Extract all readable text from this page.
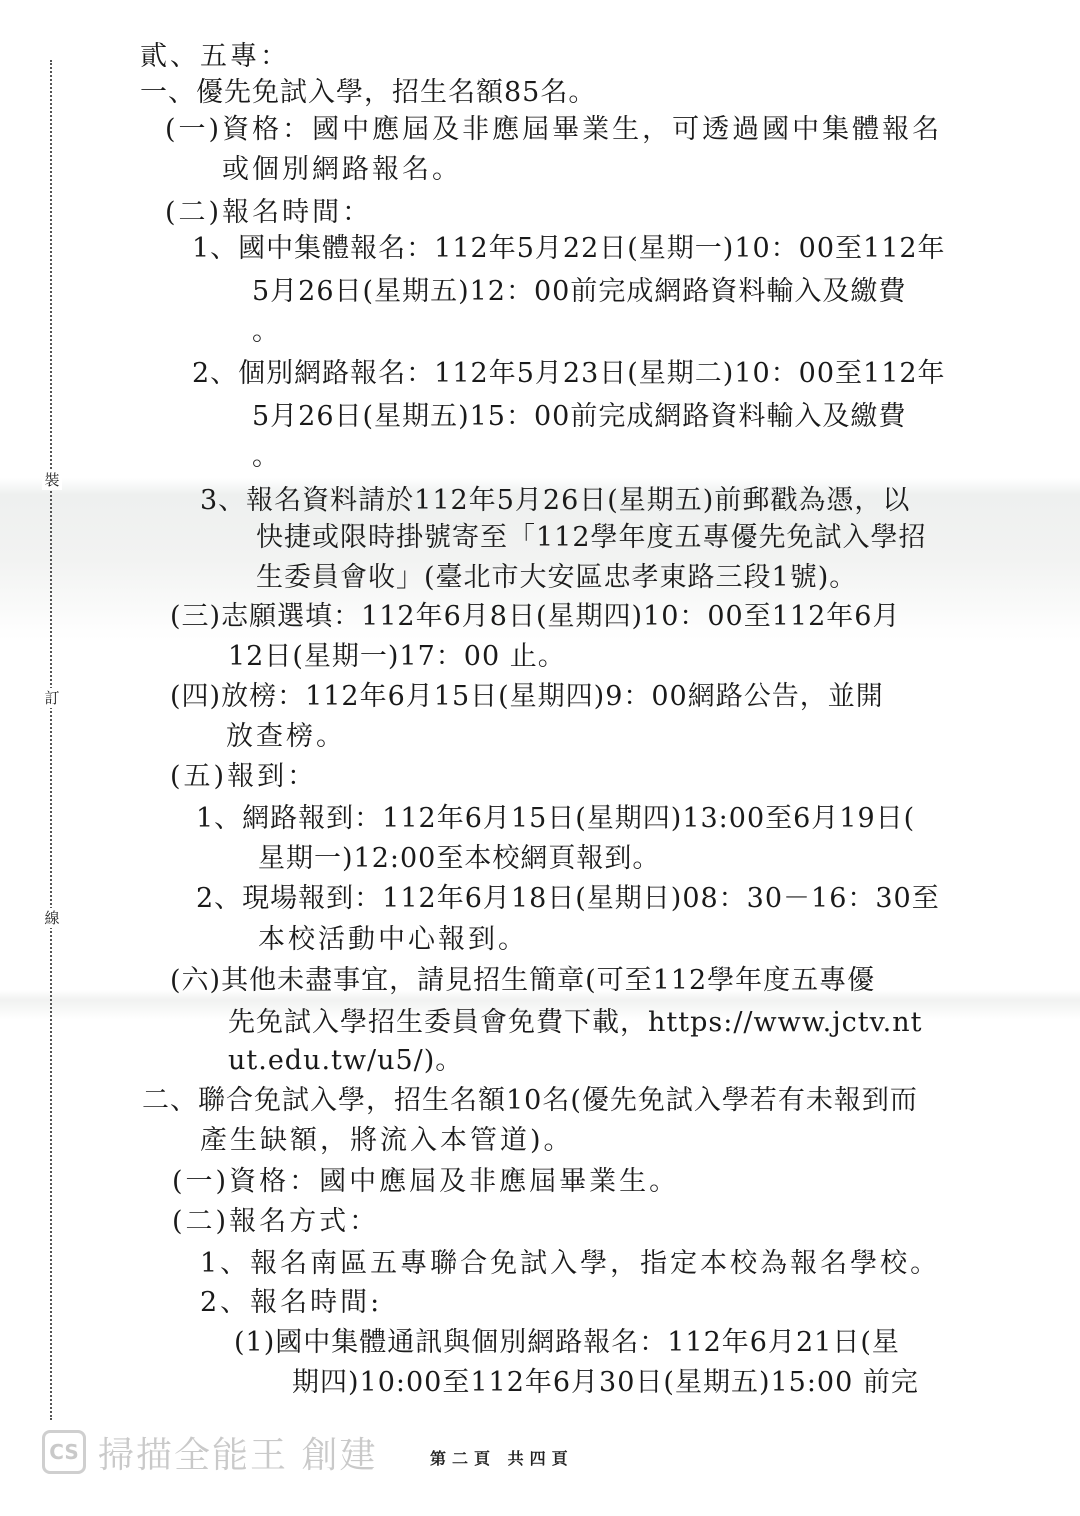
裝
訂
線
貳、五專：
一、優先免試入學，招生名額85名。
(一)資格：國中應屆及非應屆畢業生，可透過國中集體報名
或個別網路報名。
(二)報名時間：
1、國中集體報名：112年5月22日(星期一)10：00至112年
5月26日(星期五)12：00前完成網路資料輸入及繳費
。
2、個別網路報名：112年5月23日(星期二)10：00至112年
5月26日(星期五)15：00前完成網路資料輸入及繳費
。
3、報名資料請於112年5月26日(星期五)前郵戳為憑，以
快捷或限時掛號寄至「112學年度五專優先免試入學招
生委員會收」(臺北市大安區忠孝東路三段1號)。
(三)志願選填：112年6月8日(星期四)10：00至112年6月
12日(星期一)17：00 止。
(四)放榜：112年6月15日(星期四)9：00網路公告，並開
放查榜。
(五)報到：
1、網路報到：112年6月15日(星期四)13:00至6月19日(
星期一)12:00至本校網頁報到。
2、現場報到：112年6月18日(星期日)08：30－16：30至
本校活動中心報到。
(六)其他未盡事宜，請見招生簡章(可至112學年度五專優
先免試入學招生委員會免費下載，https://www.jctv.nt
ut.edu.tw/u5/)。
二、聯合免試入學，招生名額10名(優先免試入學若有未報到而
產生缺額，將流入本管道)。
(一)資格：國中應屆及非應屆畢業生。
(二)報名方式：
1、報名南區五專聯合免試入學，指定本校為報名學校。
2、報名時間:
(1)國中集體通訊與個別網路報名：112年6月21日(星
期四)10:00至112年6月30日(星期五)15:00 前完
CS 掃描全能王 創建	第二頁 共四頁
